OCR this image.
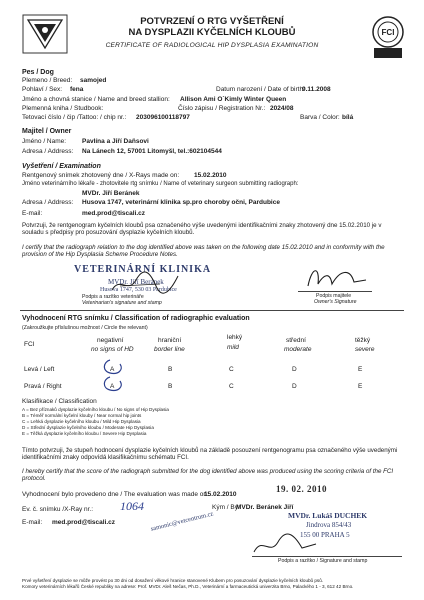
FCI
POTVRZENÍ O RTG VYŠETŘENÍ
NA DYSPLAZII KYČELNÍCH KLOUBŮ
CERTIFICATE OF RADIOLOGICAL HIP DYSPLASIA EXAMINATION
Pes / Dog
Plemeno / Breed: samojed
Pohlaví / Sex: fena	Datum narození / Date of birth:
9.11.2008
Jméno a chovná stanice / Name and breed stallion: Allison Ami O´Kimly Winter Queen
Plemenná kniha / Studbook:	Číslo zápisu / Registration Nr.: 2024/08
Tetovací číslo / čip /Tattoo: / chip nr.: 203096100118797	Barva / Color: bílá
Majitel / Owner
Jméno / Name: Pavlína a Jiří Daňsovi
Adresa / Address: Na Lánech 12, 57001 Litomyšl, tel.:602104544
Vyšetření / Examination
Rentgenový snímek zhotovený dne / X-Rays made on: 15.02.2010
Jméno veterinárního lékaře - zhotovitele rtg snímku / Name of veterinary surgeon submitting radiograph:
MVDr. Jiří Beránek
Adresa / Address: Husova 1747, veterinární klinika sp.pro choroby očni, Pardubice
E-mail:	med.prod@tiscali.cz
Potvrzuji, že rentgenogram kyčelních kloubů psa označeného výše uvedenými identifikačními znaky zhotovený dne 15.02.2010 je v souladu s předpisy pro posuzování dysplazie kyčelních kloubů.
I certify that the radiograph relation to the dog identified above was taken on the following date 15.02.2010 and in conformity with the provision of the Hip Dysplasia Scheme Procedure Notes.
VETERINÁRNÍ KLINIKA
MVDr. Jiří Beránek
Husova 1747, 530 03 Pardubice
Podpis a razítko veterináře
Veterinarian's signature and stamp
Podpis majitele
Owner's Signature
Vyhodnocení RTG snímku / Classification of radiographic evaluation
(Zakroužkujte příslušnou možnost / Circle the relevant)
FCI
negativní
no signs of HD
hraniční
border line
lehký
mild
střední
moderate
těžký
severe
Levá / Left	A	B	C	D	E
Pravá / Right	A	B	C	D	E
Klasifikace / Classification
A = Bez příznaků dysplazie kyčelního kloubu / No signs of Hip Dysplasia
B = Téměř normální kyčelní klouby / Near normal hip joints
C = Lehká dysplazie kyčelního kloubu / Mild Hip Dysplasia
D = Střední dysplazie kyčelního kloubu / Moderate Hip Dysplasia
E = Těžká dysplazie kyčelního kloubu / Severe Hip Dysplasia
Tímto potvrzuji, že stupeň hodnocení dysplazie kyčelních kloubů na základě posouzení rentgenogramu psa označeného výše uvedenými identifikačními znaky odpovídá klasifikačnímu schématu FCI.
I hereby certify that the score of the radiograph submitted for the dog identified above was produced using the scoring criteria of the FCI protocol.
Vyhodnocení bylo provedeno dne / The evaluation was made on:
15.02.2010
19. 02. 2010
Ev. č. snímku /X-Ray nr.: 1064	Kým / By:
MVDr. Beránek Jiří
E-mail: med.prod@tiscali.cz
MVDr. Lukáš DUCHEK
Jindrova 854/43
155 00 PRAHA 5
samonic@vetcentrum.cz
Podpis a razítko / Signature and stamp
Prvé vyšetření dysplazie se může provést po 30 dni od dosažení věkové hranice stanovené Klubem pro posuzování dysplazie kyčelních kloubů psů.
Komory veterinárních lékařů České republiky na adrese: Prof. MVDr. Aleš Nečas, Ph.D., Veterinární a farmaceutická univerzita Brno, Palackého 1 - 3, 612 42 Brno.
